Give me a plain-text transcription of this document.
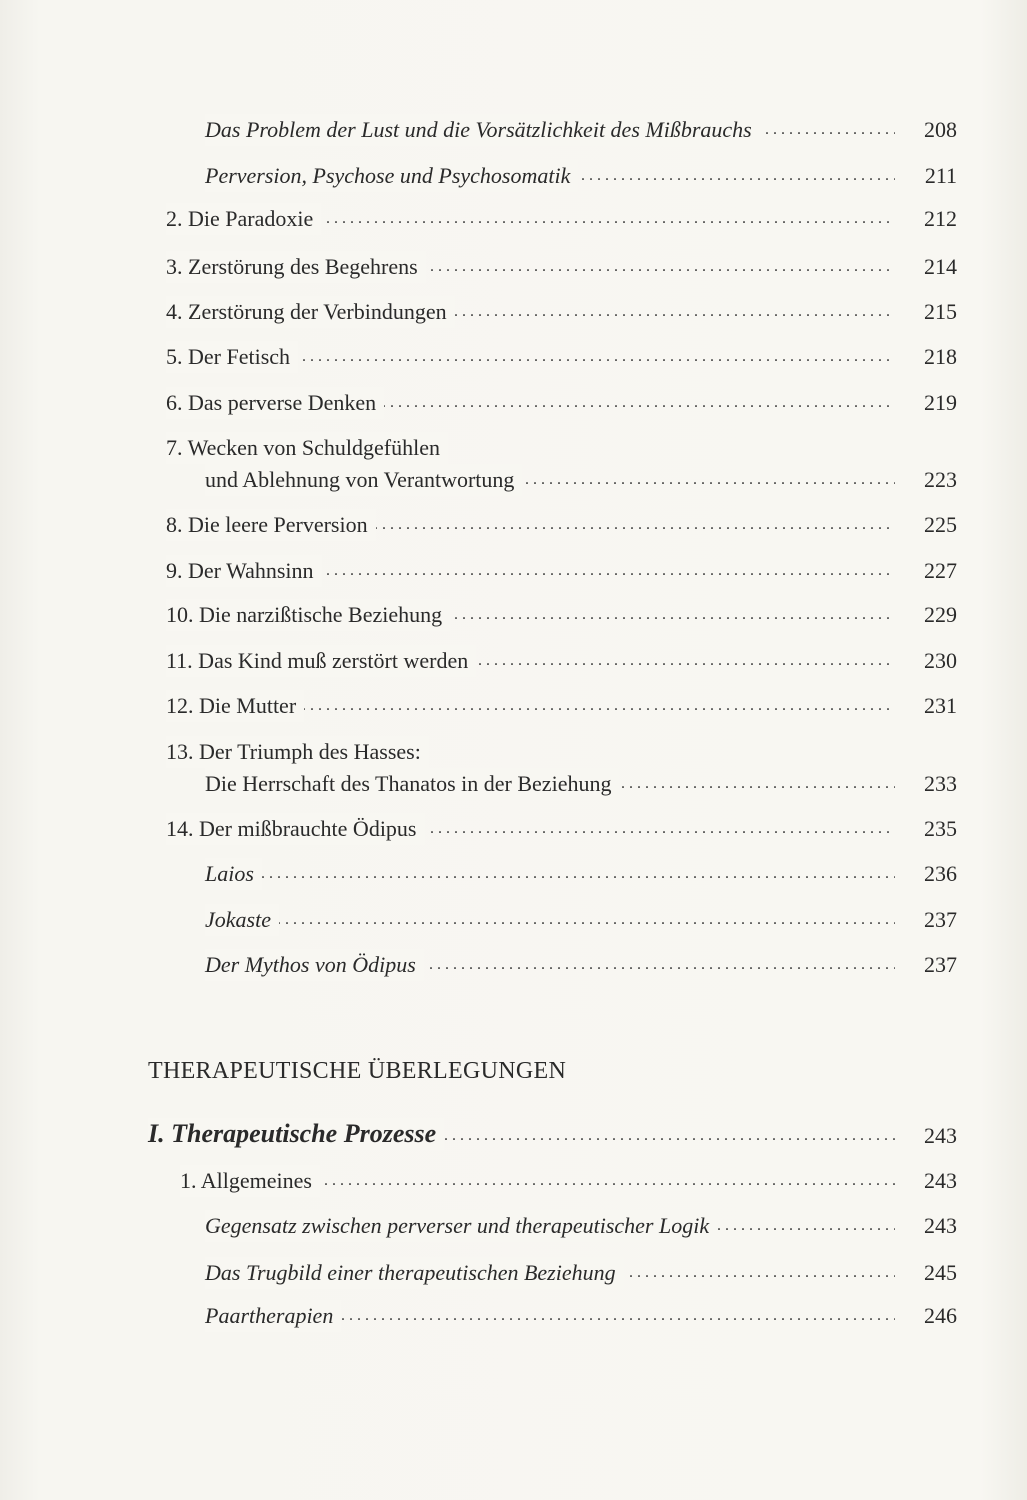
Das Problem der Lust und die Vorsätzlichkeit des Mißbrauchs . . .	208
Perversion, Psychose und Psychosomatik . . .	211
2. Die Paradoxie . . .	212
3. Zerstörung des Begehrens . . .	214
4. Zerstörung der Verbindungen . . .	215
5. Der Fetisch . . .	218
6. Das perverse Denken . . .	219
7. Wecken von Schuldgefühlen
und Ablehnung von Verantwortung . . .	223
8. Die leere Perversion . . .	225
9. Der Wahnsinn . . .	227
10. Die narzißtische Beziehung . . .	229
11. Das Kind muß zerstört werden . . .	230
12. Die Mutter . . .	231
13. Der Triumph des Hasses:
Die Herrschaft des Thanatos in der Beziehung . . .	233
14. Der mißbrauchte Ödipus . . .	235
Laios . . .	236
Jokaste . . .	237
Der Mythos von Ödipus . . .	237
THERAPEUTISCHE ÜBERLEGUNGEN
I. Therapeutische Prozesse . . .	243
1. Allgemeines . . .	243
Gegensatz zwischen perverser und therapeutischer Logik . . .	243
Das Trugbild einer therapeutischen Beziehung . . .	245
Paartherapien . . .	246
